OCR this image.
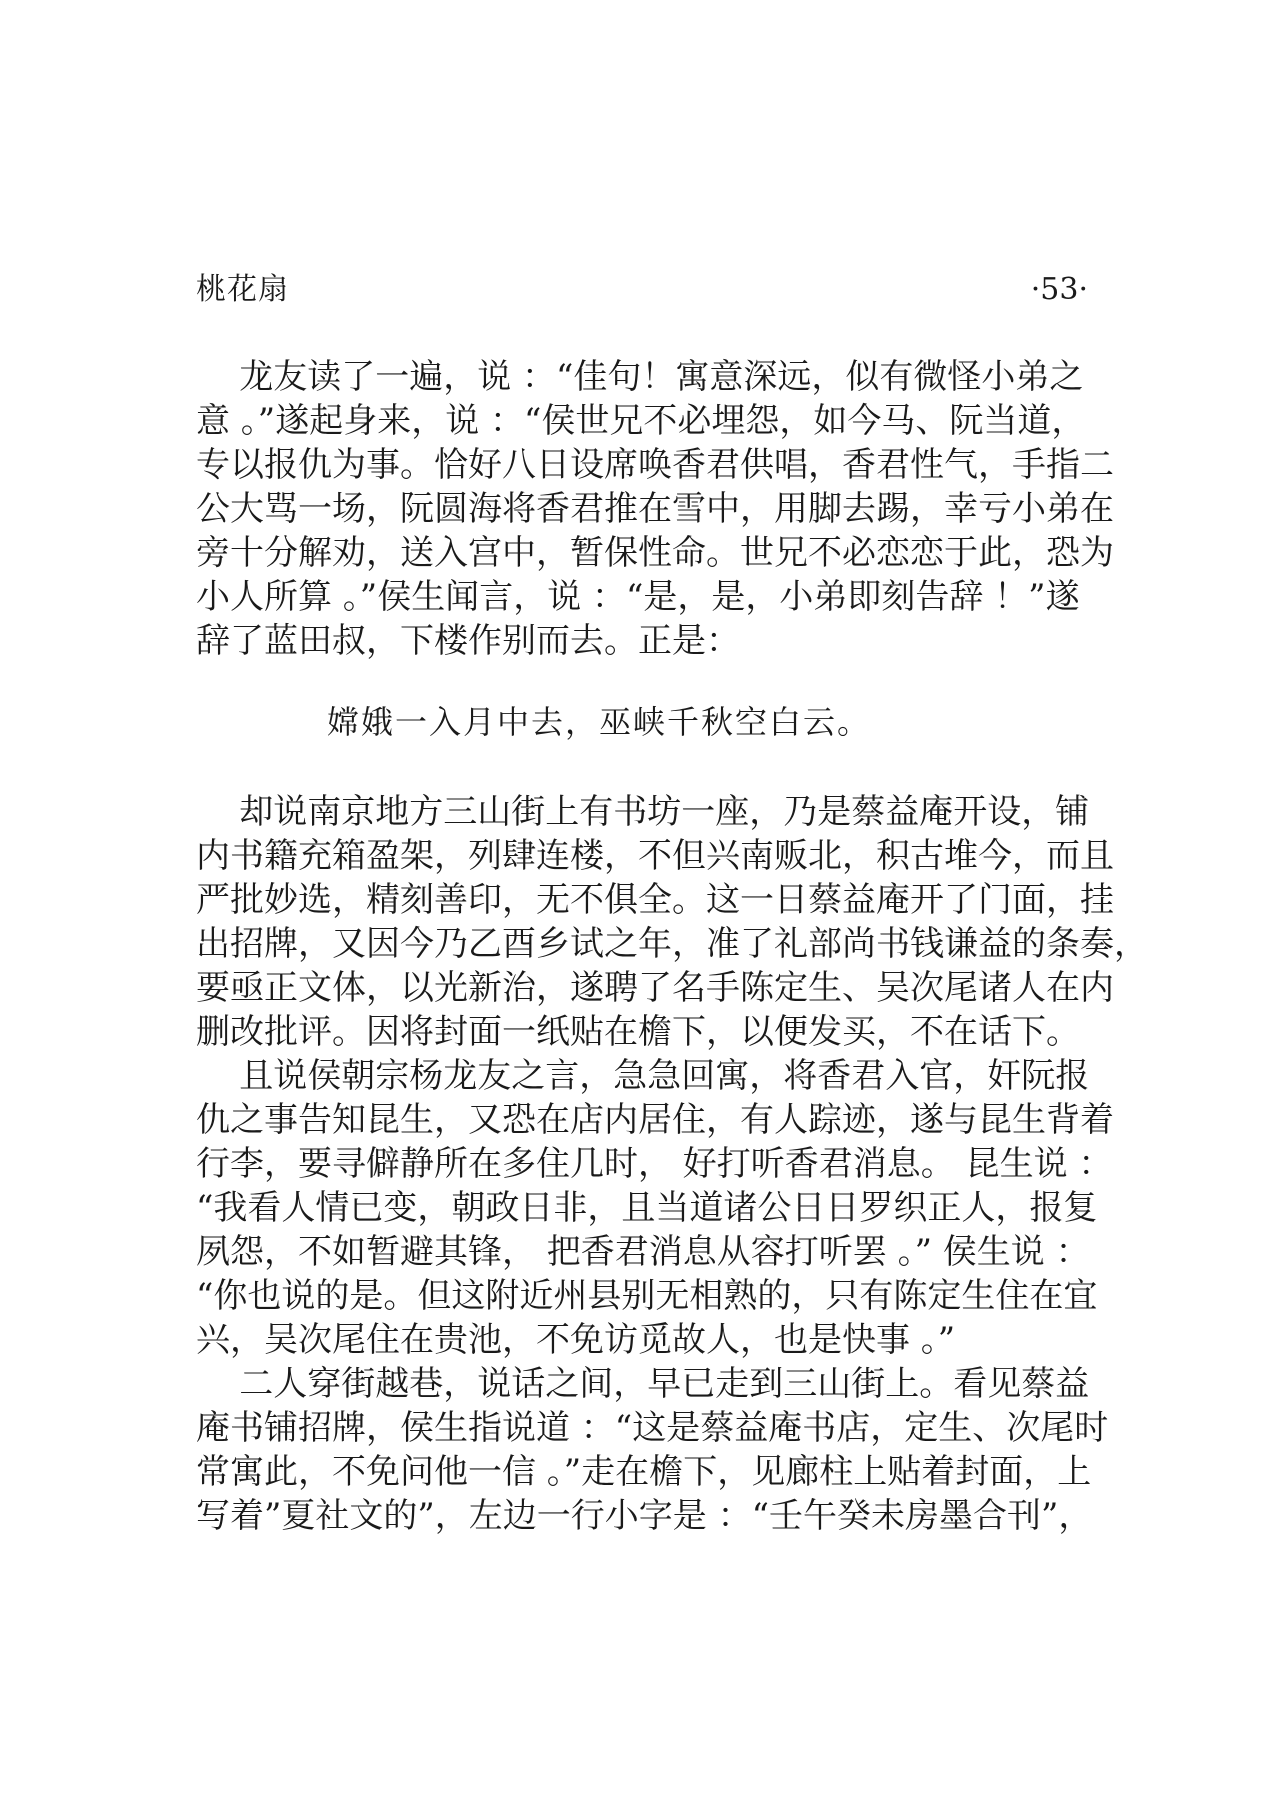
桃花扇	·53·
龙友读了一遍，说 ：“佳句！寓意深远，似有微怪小弟之
意 。”遂起身来，说 ：“侯世兄不必埋怨，如今马、阮当道，
专以报仇为事。恰好八日设席唤香君供唱，香君性气，手指二
公大骂一场，阮圆海将香君推在雪中，用脚去踢，幸亏小弟在
旁十分解劝，送入宫中，暂保性命。世兄不必恋恋于此，恐为
小人所算 。”侯生闻言，说 ：“是，是，小弟即刻告辞 ！”遂
辞了蓝田叔，下楼作别而去。正是：
嫦娥一入月中去，巫峡千秋空白云。
却说南京地方三山街上有书坊一座，乃是蔡益庵开设，铺
内书籍充箱盈架，列肆连楼，不但兴南贩北，积古堆今，而且
严批妙选，精刻善印，无不俱全。这一日蔡益庵开了门面，挂
出招牌，又因今乃乙酉乡试之年，准了礼部尚书钱谦益的条奏，
要亟正文体，以光新治，遂聘了名手陈定生、吴次尾诸人在内
删改批评。因将封面一纸贴在檐下，以便发买，不在话下。
且说侯朝宗杨龙友之言，急急回寓，将香君入官，奸阮报
仇之事告知昆生，又恐在店内居住，有人踪迹，遂与昆生背着
行李，要寻僻静所在多住几时， 好打听香君消息。 昆生说 ：
“我看人情已变，朝政日非，且当道诸公日日罗织正人，报复
夙怨，不如暂避其锋， 把香君消息从容打听罢 。” 侯生说 ：
“你也说的是。但这附近州县别无相熟的，只有陈定生住在宜
兴，吴次尾住在贵池，不免访觅故人，也是快事 。”
二人穿街越巷，说话之间，早已走到三山街上。看见蔡益
庵书铺招牌，侯生指说道 ：“这是蔡益庵书店，定生、次尾时
常寓此，不免问他一信 。”走在檐下，见廊柱上贴着封面，上
写着”夏社文的”，左边一行小字是 ：“壬午癸未房墨合刊”，
